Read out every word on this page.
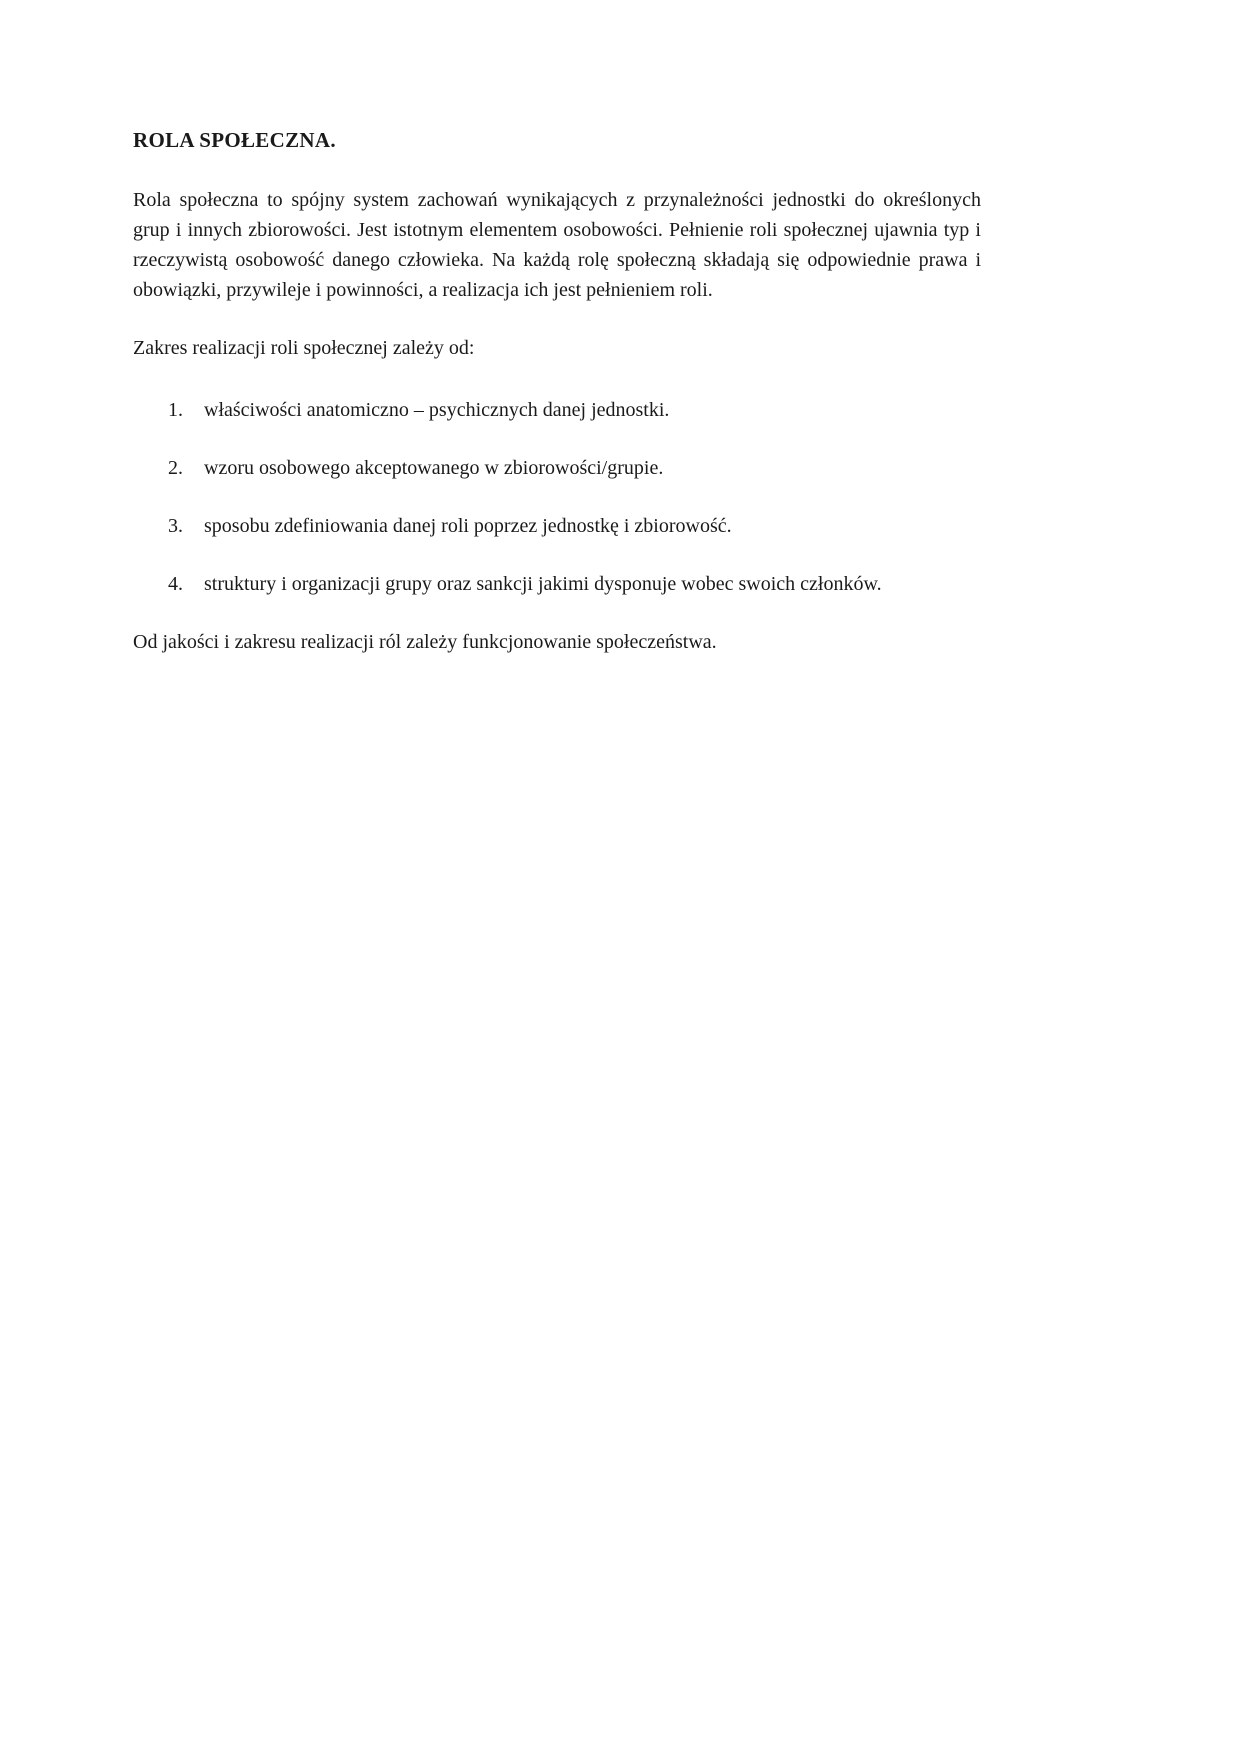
ROLA SPOŁECZNA.

Rola społeczna to spójny system zachowań wynikających z przynależności jednostki do określonych grup i innych zbiorowości. Jest istotnym elementem osobowości. Pełnienie roli społecznej ujawnia typ i rzeczywistą osobowość danego człowieka. Na każdą rolę społeczną składają się odpowiednie prawa i obowiązki, przywileje i powinności, a realizacja ich jest pełnieniem roli.

Zakres realizacji roli społecznej zależy od:

1.	właściwości anatomiczno – psychicznych danej jednostki.
2.	wzoru osobowego akceptowanego w zbiorowości/grupie.
3.	sposobu zdefiniowania danej roli poprzez jednostkę i zbiorowość.
4.	struktury i organizacji grupy oraz sankcji jakimi dysponuje wobec swoich członków.

Od jakości i zakresu realizacji ról zależy funkcjonowanie społeczeństwa.
